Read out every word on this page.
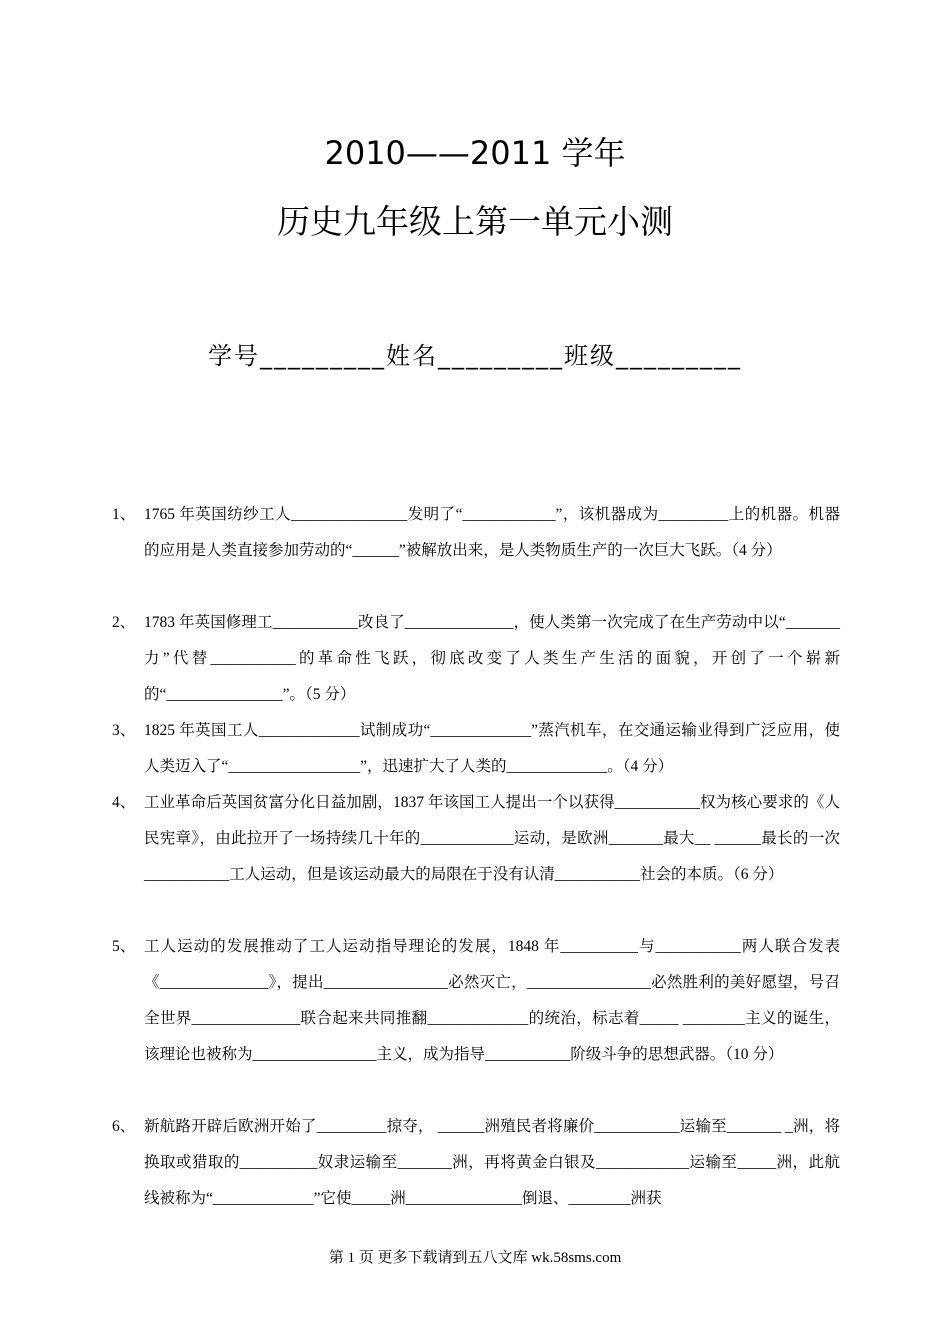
2010——2011 学年
历史九年级上第一单元小测
学号_________姓名_________班级_________
1、 1765 年英国纺纱工人_______________发明了“____________”，该机器成为_________上的机器。机器的应用是人类直接参加劳动的“______”被解放出来，是人类物质生产的一次巨大飞跃。（4 分）
2、 1783 年英国修理工___________改良了______________，使人类第一次完成了在生产劳动中以“_______力”代替___________的革命性飞跃，彻底改变了人类生产生活的面貌，开创了一个崭新的“_______________”。（5 分）
3、 1825 年英国工人_____________试制成功“_____________”蒸汽机车，在交通运输业得到广泛应用，使人类迈入了“_________________”，迅速扩大了人类的_____________。（4 分）
4、 工业革命后英国贫富分化日益加剧，1837 年该国工人提出一个以获得___________权为核心要求的《人民宪章》，由此拉开了一场持续几十年的____________运动，是欧洲_______最大__ ______最长的一次___________工人运动，但是该运动最大的局限在于没有认清___________社会的本质。（6 分）
5、 工人运动的发展推动了工人运动指导理论的发展，1848 年__________与___________两人联合发表《______________》，提出________________必然灭亡，________________必然胜利的美好愿望，号召全世界______________联合起来共同推翻_____________的统治，标志着_____ ________主义的诞生，该理论也被称为________________主义，成为指导___________阶级斗争的思想武器。（10 分）
6、 新航路开辟后欧洲开始了_________掠夺， ______洲殖民者将廉价___________运输至_______ _洲，将换取或猎取的__________奴隶运输至_______洲，再将黄金白银及____________运输至_____洲，此航线被称为“_____________”它使_____洲_______________倒退、________洲获
第 1 页 更多下载请到五八文库 wk.58sms.com
